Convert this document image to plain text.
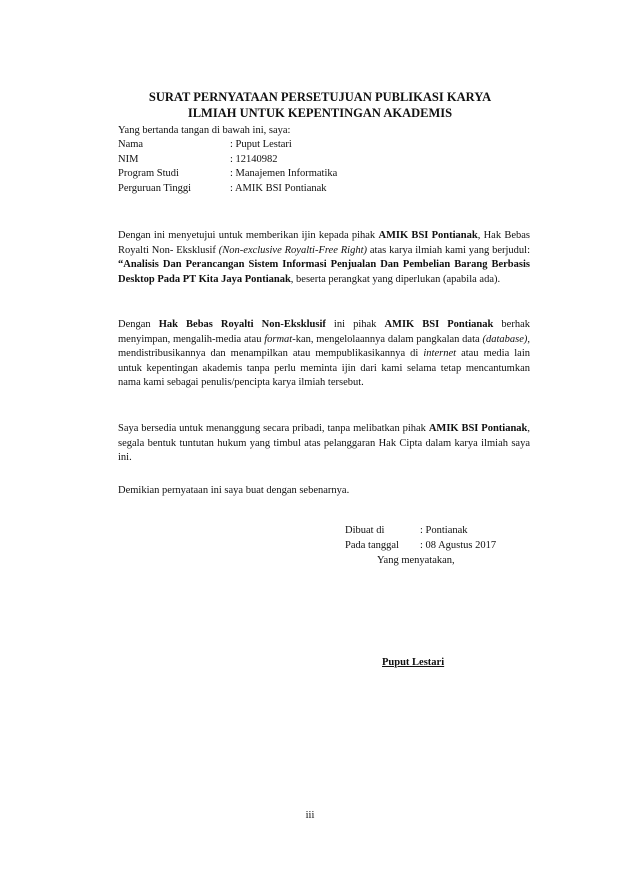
SURAT PERNYATAAN PERSETUJUAN PUBLIKASI KARYA
ILMIAH UNTUK KEPENTINGAN AKADEMIS
Yang bertanda tangan di bawah ini, saya:
Nama	: Puput Lestari
NIM	: 12140982
Program Studi	: Manajemen Informatika
Perguruan Tinggi	: AMIK BSI Pontianak

Dengan ini menyetujui untuk memberikan ijin kepada pihak AMIK BSI Pontianak, Hak Bebas Royalti Non- Eksklusif (Non-exclusive Royalti-Free Right) atas karya ilmiah kami yang berjudul: “Analisis Dan Perancangan Sistem Informasi Penjualan Dan Pembelian Barang Berbasis Desktop Pada PT Kita Jaya Pontianak, beserta perangkat yang diperlukan (apabila ada).

Dengan Hak Bebas Royalti Non-Eksklusif ini pihak AMIK BSI Pontianak berhak menyimpan, mengalih-media atau format-kan, mengelolaannya dalam pangkalan data (database), mendistribusikannya dan menampilkan atau mempublikasikannya di internet atau media lain untuk kepentingan akademis tanpa perlu meminta ijin dari kami selama tetap mencantumkan nama kami sebagai penulis/pencipta karya ilmiah tersebut.

Saya bersedia untuk menanggung secara pribadi, tanpa melibatkan pihak AMIK BSI Pontianak, segala bentuk tuntutan hukum yang timbul atas pelanggaran Hak Cipta dalam karya ilmiah saya ini.

Demikian pernyataan ini saya buat dengan sebenarnya.
Dibuat di	: Pontianak
Pada tanggal	: 08 Agustus 2017
Yang menyatakan,
Puput Lestari
iii
